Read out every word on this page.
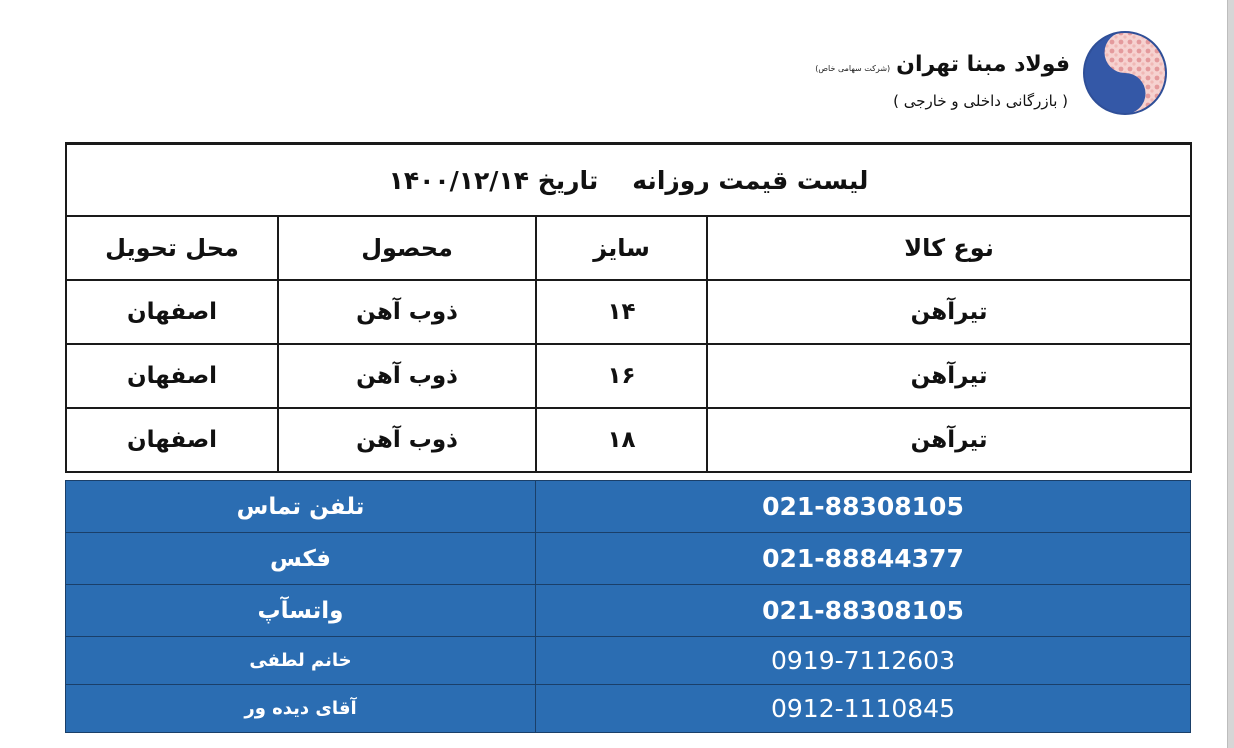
فولاد مبنا تهران
(شرکت سهامی خاص)
( بازرگانی داخلی و خارجی )
لیست قیمت روزانهتاریخ ۱۴۰۰/۱۲/۱۴			
نوع کالا	سایز	محصول	محل تحویل
تیرآهن	۱۴	ذوب آهن	اصفهان
تیرآهن	۱۶	ذوب آهن	اصفهان
تیرآهن	۱۸	ذوب آهن	اصفهان
021-88308105	تلفن تماس
021-88844377	فکس
021-88308105	واتسآپ
0919-7112603	خانم لطفی
0912-1110845	آقای دیده ور
